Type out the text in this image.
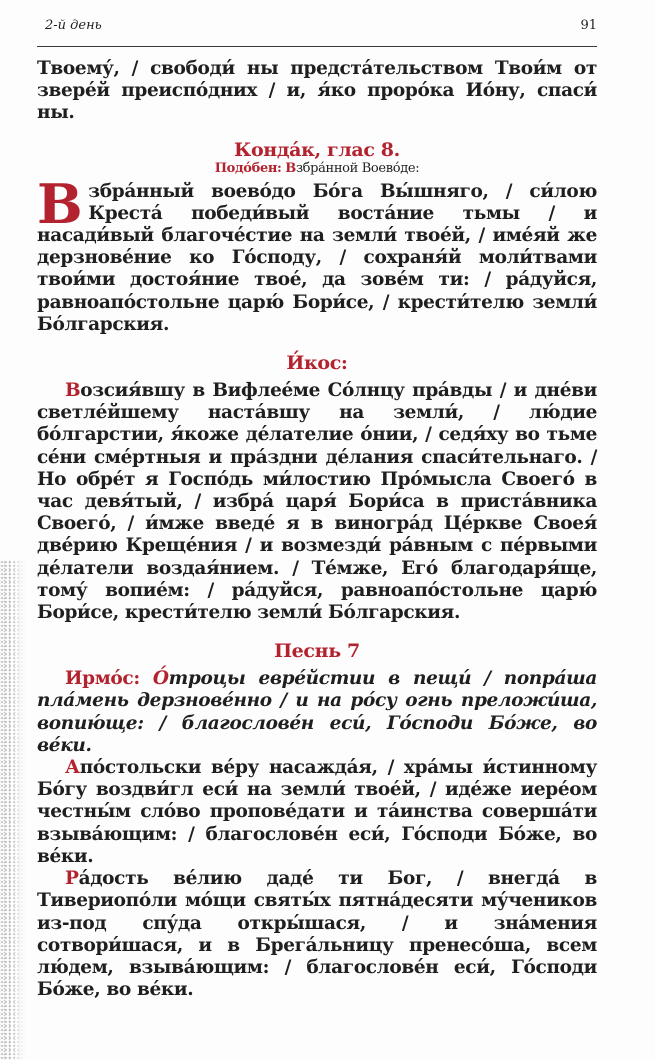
2-й день	91

Твоему́, / свободи́ ны предста́тельством Твои́м от звере́й преиспо́дних / и, я́ко проро́ка Ио́ну, спаси́ ны.

Конда́к, глас 8.
Подо́бен: Взбра́нной Воево́де:

Взбра́нный воево́до Бо́га Вы́шняго, / си́лою Креста́ победи́вый воста́ние тьмы / и насади́вый благоче́стие на земли́ твое́й, / име́яй же дерзнове́ние ко Го́споду, / сохраня́й моли́твами твои́ми достоя́ние твое́, да зове́м ти: / ра́дуйся, равноапо́стольне царю́ Бори́се, / крести́телю земли́ Бо́лгарския.

И́кос:

Возсия́вшу в Вифлее́ме Со́лнцу пра́вды / и дне́ви светле́йшему наста́вшу на земли́, / лю́дие бо́лгарстии, я́коже де́лателие о́нии, / седя́ху во тьме се́ни сме́ртныя и пра́здни де́лания спаси́тельнаго. / Но обре́т я Госпо́дь ми́лостию Про́мысла Своего́ в час девя́тый, / избра́ царя́ Бори́са в приста́вника Своего́, / и́мже введе́ я в виногра́д Це́ркве Своея́ две́рию Креще́ния / и возмезди́ ра́вным с пе́рвыми де́латели воздая́нием. / Те́мже, Его́ благодаря́ще, тому́ вопие́м: / ра́дуйся, равноапо́стольне царю́ Бори́се, крести́телю земли́ Бо́лгарския.

Песнь 7

Ирмо́с: О́троцы евре́йстии в пещи́ / попра́ша пла́мень дерзнове́нно / и на ро́су огнь преложи́ша, вопию́ще: / благослове́н еси́, Го́споди Бо́же, во ве́ки.

Апо́стольски ве́ру насажда́я, / хра́мы и́стинному Бо́гу воздви́гл еси́ на земли́ твое́й, / иде́же иере́ом честны́м сло́во пропове́дати и та́инства соверша́ти взыва́ющим: / благослове́н еси́, Го́споди Бо́же, во ве́ки.

Ра́дость ве́лию даде́ ти Бог, / внегда́ в Тивериопо́ли мо́щи святы́х пятна́десяти му́чеников из-под спу́да откры́шася, / и зна́мения сотвори́шася, и в Брега́льницу пренесо́ша, всем лю́дем, взыва́ющим: / благослове́н еси́, Го́споди Бо́же, во ве́ки.
